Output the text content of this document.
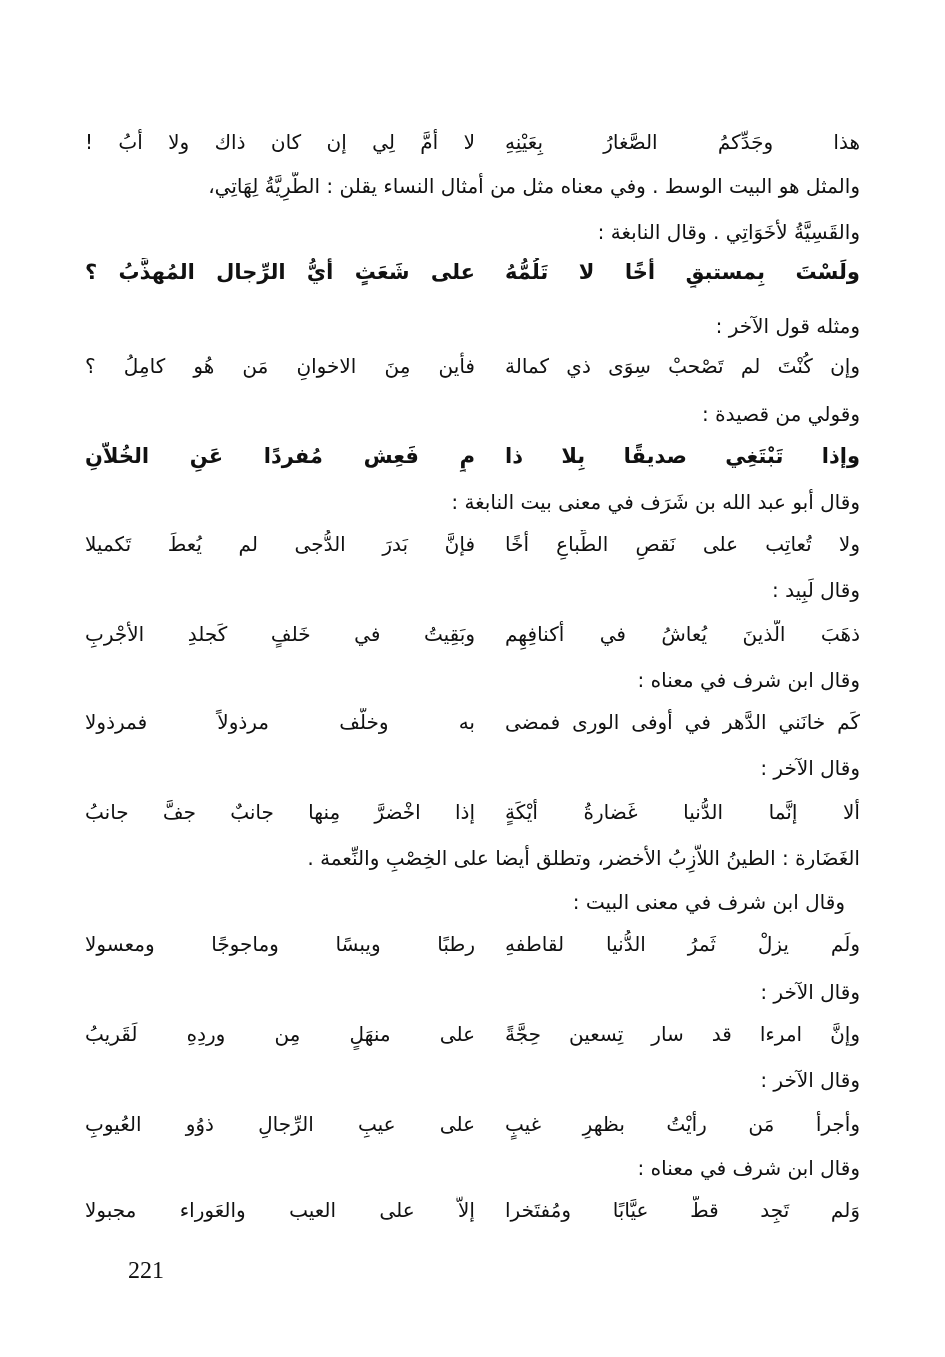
هذا وجَدِّكمُ الصَّغارُ بِعَيْنِهِ
لا أمَّ لِي إن كان ذاك ولا أبُ !
والمثل هو البيت الوسط . وفي معناه مثل من أمثال النساء يقلن : الطَّرِيَّةُ لِهَاتِي،
والقَسِيَّةُ لأخَوَاتِي . وقال النابغة :
ولَسْتَ بِمستبقٍ أخًا لا تَلُمُّهُ
على شَعَثٍ أيُّ الرِّجال المُهذَّبُ ؟
ومثله قول الآخر :
وإن كُنْتَ لم تَصْحبْ سِوَى ذي كمالة
فأين مِنَ الاخوانِ مَن هُو كامِلُ ؟
وقولي من قصيدة :
وإذا تَبْتَغِي صديقًا بِلا ذا
مٍ فَعِش مُفردًا عَنِ الخُلاّنِ
وقال أبو عبد الله بن شَرَف في معنى بيت النابغة :
ولا تُعاتِب على نَقصِ الطِّباعِ أخًا
فإنَّ بَدرَ الدُّجى لم يُعطَ تَكميلا
وقال لَبِيد :
ذهَبَ الَّذينَ يُعاشُ في أكنافِهِم
وبَقِيتُ في خَلفٍ كَجلدِ الأجْربِ
وقال ابن شرف في معناه :
كَم خانَني الدَّهر في أوفى الورى فمضى
به وخلَّف مرذولاً فمرذولا
وقال الآخر :
ألا إنَّما الدُّنيا غَضارةُ أيْكَةٍ
إذا اخْضرَّ مِنها جانبٌ جفَّ جانبُ
الغَضَارة : الطينُ اللاَّزِبُ الأخضر، وتطلق أيضا على الخِصْبِ والنِّعمة .
وقال ابن شرف في معنى البيت :
ولَم يزلْ ثَمرُ الدُّنيا لقاطفهِ
رطبًا ويبسًا وماجوجًا ومعسولا
وقال الآخر :
وإنَّ امرءا قد سار تِسعين حِجَّةً
على منهَلٍ مِن وردِهِ لَقَريبُ
وقال الآخر :
وأجرأ مَن رأيْتُ بظهرِ غيبٍ
على عيبِ الرِّجالِ ذوُو العُيوبِ
وقال ابن شرف في معناه :
وَلم تَجِد قطُّ عيَّابًا ومُفتَخرا
إلاَّ على العيب والعَوراء مجبولا
221
